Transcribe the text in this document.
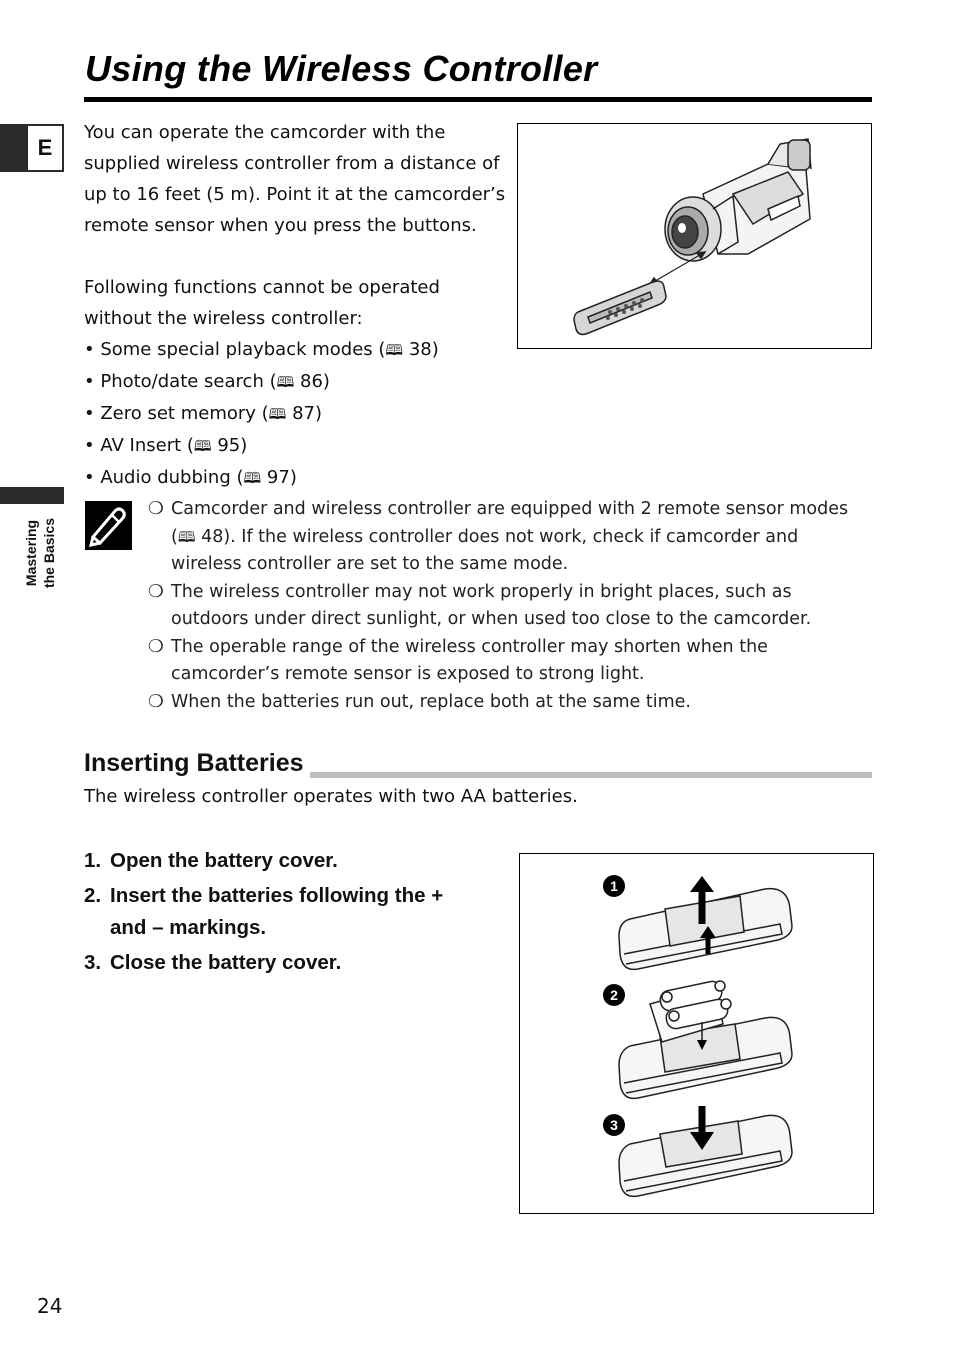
Using the Wireless Controller
E
Mastering the Basics

You can operate the camcorder with the

supplied wireless controller from a distance of

up to 16 feet (5 m). Point it at the camcorder’s

remote sensor when you press the buttons.

Following functions cannot be operated

without the wireless controller:

• Some special playback modes (🕮 38)

• Photo/date search (🕮 86)

• Zero set memory (🕮 87)

• AV Insert (🕮 95)

• Audio dubbing (🕮 97)

❍ Camcorder and wireless controller are equipped with 2 remote sensor modes
(🕮 48). If the wireless controller does not work, check if camcorder and
wireless controller are set to the same mode.
❍ The wireless controller may not work properly in bright places, such as
outdoors under direct sunlight, or when used too close to the camcorder.
❍ The operable range of the wireless controller may shorten when the
camcorder’s remote sensor is exposed to strong light.
❍ When the batteries run out, replace both at the same time.
Inserting Batteries
The wireless controller operates with two AA batteries.
1. Open the battery cover.
2. Insert the batteries following the +
and – markings.
3. Close the battery cover.
1
2
3
24
